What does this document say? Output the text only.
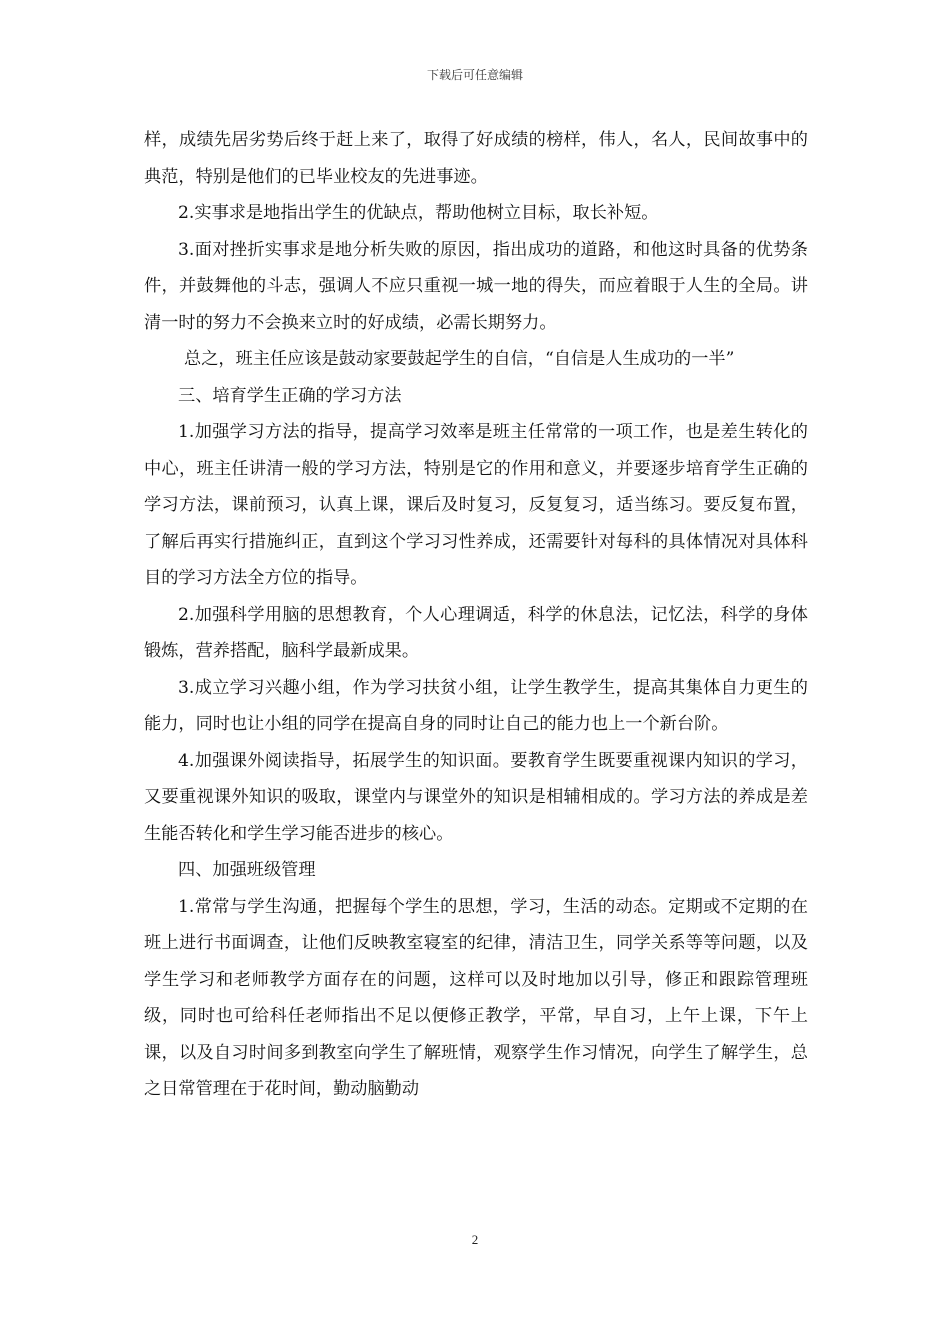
下载后可任意编辑

样，成绩先居劣势后终于赶上来了，取得了好成绩的榜样，伟人，名人，民间故事中的典范，特别是他们的已毕业校友的先进事迹。

2.实事求是地指出学生的优缺点，帮助他树立目标，取长补短。

3.面对挫折实事求是地分析失败的原因，指出成功的道路，和他这时具备的优势条件，并鼓舞他的斗志，强调人不应只重视一城一地的得失，而应着眼于人生的全局。讲清一时的努力不会换来立时的好成绩，必需长期努力。

总之，班主任应该是鼓动家要鼓起学生的自信，“自信是人生成功的一半”

三、培育学生正确的学习方法

1.加强学习方法的指导，提高学习效率是班主任常常的一项工作，也是差生转化的中心，班主任讲清一般的学习方法，特别是它的作用和意义，并要逐步培育学生正确的学习方法，课前预习，认真上课，课后及时复习，反复复习，适当练习。要反复布置，了解后再实行措施纠正，直到这个学习习性养成，还需要针对每科的具体情况对具体科目的学习方法全方位的指导。

2.加强科学用脑的思想教育，个人心理调适，科学的休息法，记忆法，科学的身体锻炼，营养搭配，脑科学最新成果。

3.成立学习兴趣小组，作为学习扶贫小组，让学生教学生，提高其集体自力更生的能力，同时也让小组的同学在提高自身的同时让自己的能力也上一个新台阶。

4.加强课外阅读指导，拓展学生的知识面。要教育学生既要重视课内知识的学习，又要重视课外知识的吸取，课堂内与课堂外的知识是相辅相成的。学习方法的养成是差生能否转化和学生学习能否进步的核心。

四、加强班级管理

1.常常与学生沟通，把握每个学生的思想，学习，生活的动态。定期或不定期的在班上进行书面调查，让他们反映教室寝室的纪律，清洁卫生，同学关系等等问题，以及学生学习和老师教学方面存在的问题，这样可以及时地加以引导，修正和跟踪管理班级，同时也可给科任老师指出不足以便修正教学，平常，早自习，上午上课，下午上课，以及自习时间多到教室向学生了解班情，观察学生作习情况，向学生了解学生，总之日常管理在于花时间，勤动脑勤动

2
